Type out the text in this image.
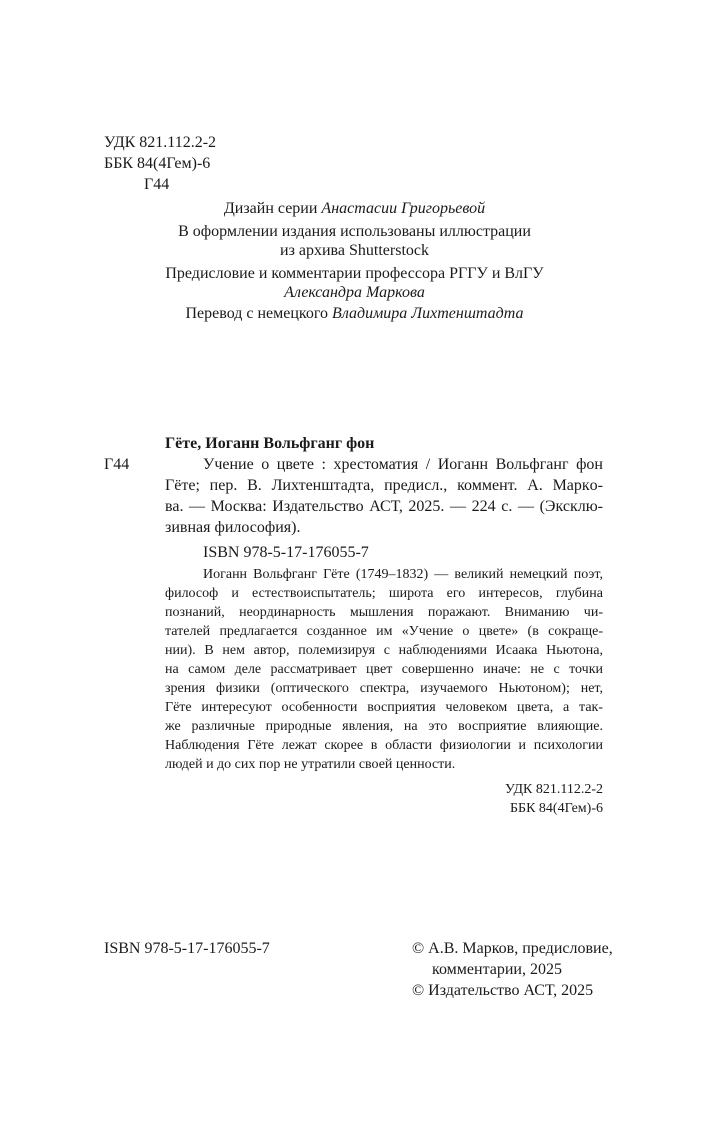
УДК 821.112.2-2
ББК 84(4Гем)-6
Г44
Дизайн серии Анастасии Григорьевой
В оформлении издания использованы иллюстрации
из архива Shutterstock
Предисловие и комментарии профессора РГГУ и ВлГУ
Александра Маркова
Перевод с немецкого Владимира Лихтенштадта
Гёте, Иоганн Вольфганг фон
Г44	Учение о цвете : хрестоматия / Иоганн Вольфганг фон
Гёте; пер. В. Лихтенштадта, предисл., коммент. А. Маркo-
ва. — Москва: Издательство АСТ, 2025. — 224 с. — (Эксклю-
зивная философия).
ISBN 978-5-17-176055-7
Иоганн Вольфганг Гёте (1749–1832) — великий немецкий поэт,
философ и естествоиспытатель; широта его интересов, глубина
познаний, неординарность мышления поражают. Вниманию чи-
тателей предлагается созданное им «Учение о цвете» (в сокраще-
нии). В нем автор, полемизируя с наблюдениями Исаака Ньютона,
на самом деле рассматривает цвет совершенно иначе: не с точки
зрения физики (оптического спектра, изучаемого Ньютоном); нет,
Гёте интересуют особенности восприятия человеком цвета, а так-
же различные природные явления, на это восприятие влияющие.
Наблюдения Гёте лежат скорее в области физиологии и психологии
людей и до сих пор не утратили своей ценности.
УДК 821.112.2-2
ББК 84(4Гем)-6
ISBN 978-5-17-176055-7	© А.В. Марков, предисловие,
комментарии, 2025
© Издательство АСТ, 2025
